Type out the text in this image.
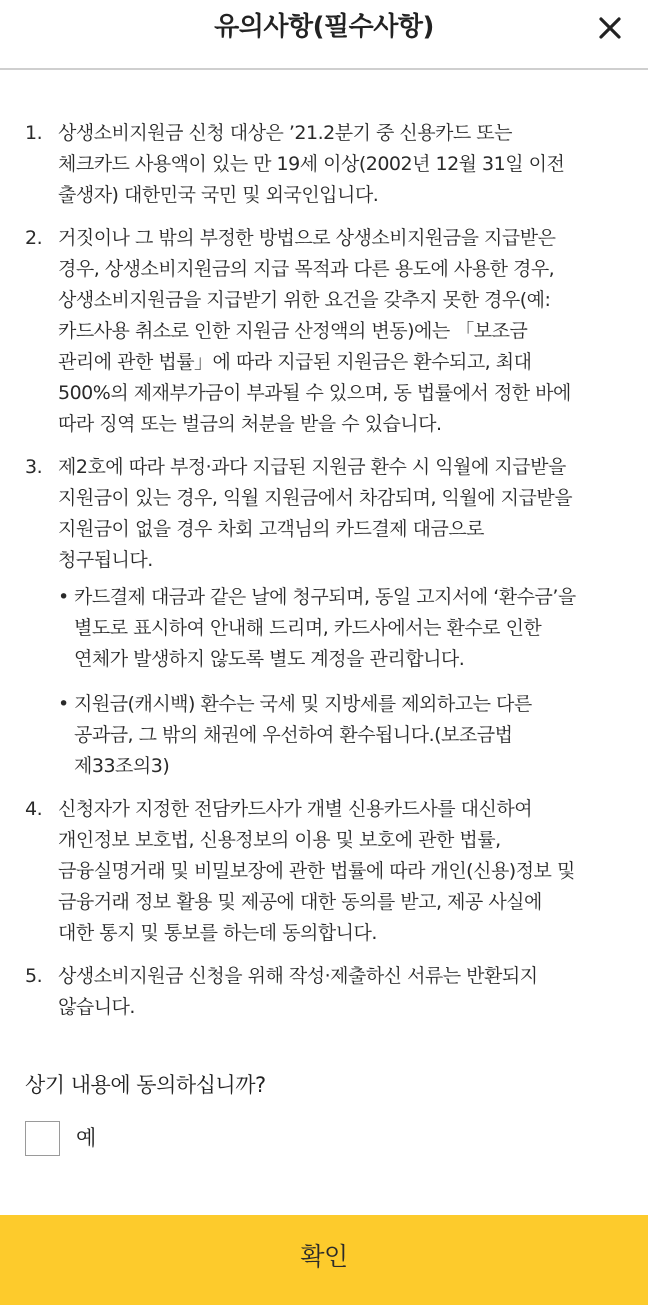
유의사항(필수사항)
1. 상생소비지원금 신청 대상은 ’21.2분기 중 신용카드 또는
체크카드 사용액이 있는 만 19세 이상(2002년 12월 31일 이전
출생자) 대한민국 국민 및 외국인입니다.
2. 거짓이나 그 밖의 부정한 방법으로 상생소비지원금을 지급받은
경우, 상생소비지원금의 지급 목적과 다른 용도에 사용한 경우,
상생소비지원금을 지급받기 위한 요건을 갖추지 못한 경우(예:
카드사용 취소로 인한 지원금 산정액의 변동)에는 「보조금
관리에 관한 법률」에 따라 지급된 지원금은 환수되고, 최대
500%의 제재부가금이 부과될 수 있으며, 동 법률에서 정한 바에
따라 징역 또는 벌금의 처분을 받을 수 있습니다.
3. 제2호에 따라 부정·과다 지급된 지원금 환수 시 익월에 지급받을
지원금이 있는 경우, 익월 지원금에서 차감되며, 익월에 지급받을
지원금이 없을 경우 차회 고객님의 카드결제 대금으로
청구됩니다.
• 카드결제 대금과 같은 날에 청구되며, 동일 고지서에 ‘환수금’을
별도로 표시하여 안내해 드리며, 카드사에서는 환수로 인한
연체가 발생하지 않도록 별도 계정을 관리합니다.
• 지원금(캐시백) 환수는 국세 및 지방세를 제외하고는 다른
공과금, 그 밖의 채권에 우선하여 환수됩니다.(보조금법
제33조의3)
4. 신청자가 지정한 전담카드사가 개별 신용카드사를 대신하여
개인정보 보호법, 신용정보의 이용 및 보호에 관한 법률,
금융실명거래 및 비밀보장에 관한 법률에 따라 개인(신용)정보 및
금융거래 정보 활용 및 제공에 대한 동의를 받고, 제공 사실에
대한 통지 및 통보를 하는데 동의합니다.
5. 상생소비지원금 신청을 위해 작성·제출하신 서류는 반환되지
않습니다.
상기 내용에 동의하십니까?
예
확인
